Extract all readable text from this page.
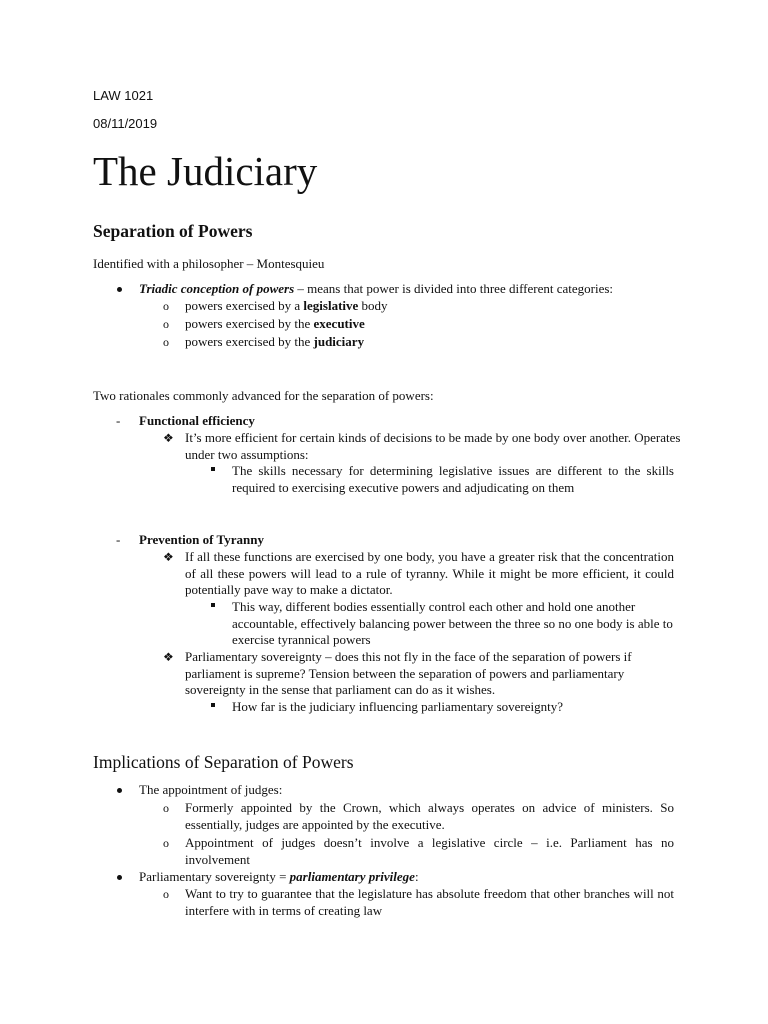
LAW 1021
08/11/2019
The Judiciary
Separation of Powers
Identified with a philosopher – Montesquieu
Triadic conception of powers – means that power is divided into three different categories:
o powers exercised by a legislative body
o powers exercised by the executive
o powers exercised by the judiciary
Two rationales commonly advanced for the separation of powers:
- Functional efficiency
❖ It’s more efficient for certain kinds of decisions to be made by one body over another. Operates under two assumptions:
The skills necessary for determining legislative issues are different to the skills required to exercising executive powers and adjudicating on them
- Prevention of Tyranny
❖ If all these functions are exercised by one body, you have a greater risk that the concentration of all these powers will lead to a rule of tyranny. While it might be more efficient, it could potentially pave way to make a dictator.
This way, different bodies essentially control each other and hold one another accountable, effectively balancing power between the three so no one body is able to exercise tyrannical powers
❖ Parliamentary sovereignty – does this not fly in the face of the separation of powers if parliament is supreme? Tension between the separation of powers and parliamentary sovereignty in the sense that parliament can do as it wishes.
How far is the judiciary influencing parliamentary sovereignty?
Implications of Separation of Powers
The appointment of judges:
o Formerly appointed by the Crown, which always operates on advice of ministers. So essentially, judges are appointed by the executive.
o Appointment of judges doesn’t involve a legislative circle – i.e. Parliament has no involvement
Parliamentary sovereignty = parliamentary privilege:
o Want to try to guarantee that the legislature has absolute freedom that other branches will not interfere with in terms of creating law
